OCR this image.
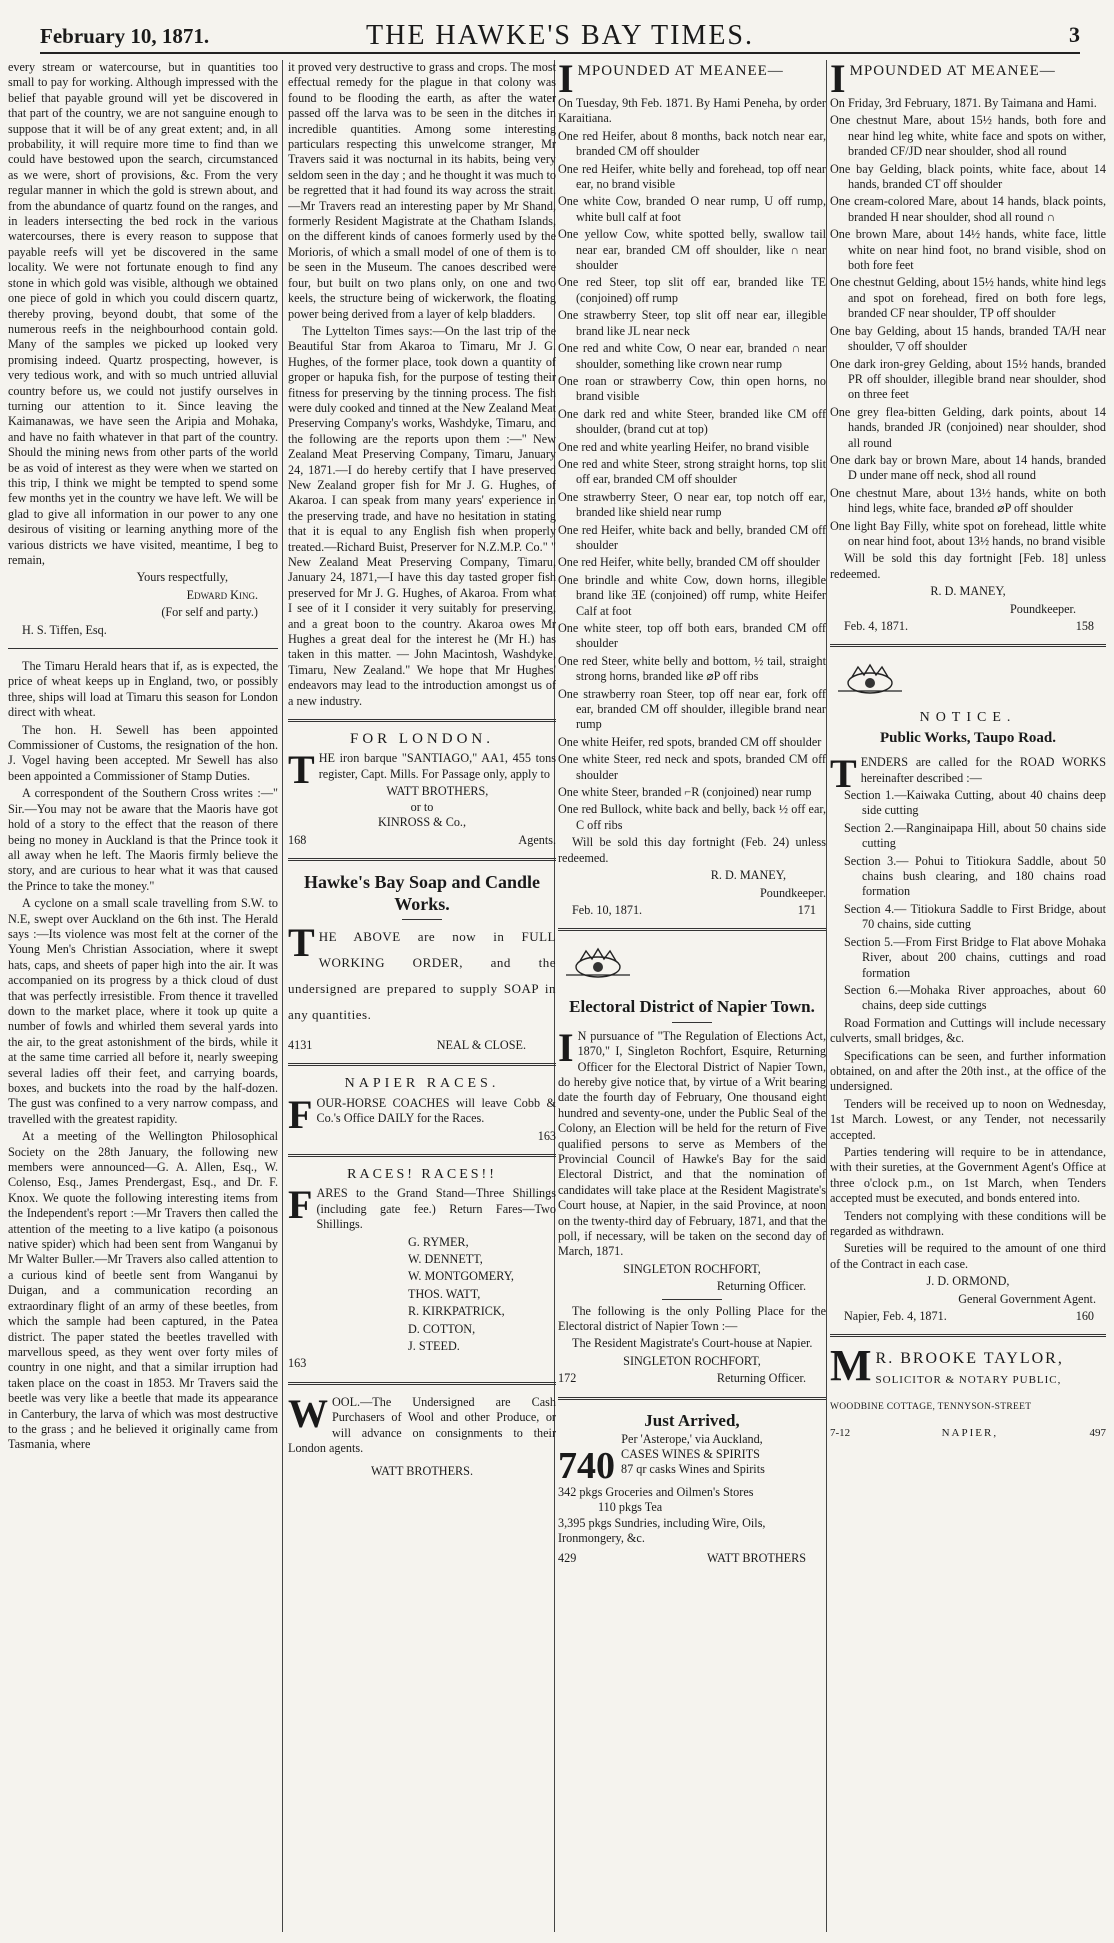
February 10, 1871.	THE HAWKE'S BAY TIMES.	3

every stream or watercourse, but in quantities too small to pay for working. Although impressed with the belief that payable ground will yet be discovered in that part of the country, we are not sanguine enough to suppose that it will be of any great extent; and, in all probability, it will require more time to find than we could have bestowed upon the search, circumstanced as we were, short of provisions, &c. From the very regular manner in which the gold is strewn about, and from the abundance of quartz found on the ranges, and in leaders intersecting the bed rock in the various watercourses, there is every reason to suppose that payable reefs will yet be discovered in the same locality. We were not fortunate enough to find any stone in which gold was visible, although we obtained one piece of gold in which you could discern quartz, thereby proving, beyond doubt, that some of the numerous reefs in the neighbourhood contain gold. Many of the samples we picked up looked very promising indeed. Quartz prospecting, however, is very tedious work, and with so much untried alluvial country before us, we could not justify ourselves in turning our attention to it. Since leaving the Kaimanawas, we have seen the Aripia and Mohaka, and have no faith whatever in that part of the country. Should the mining news from other parts of the world be as void of interest as they were when we started on this trip, I think we might be tempted to spend some few months yet in the country we have left. We will be glad to give all information in our power to any one desirous of visiting or learning anything more of the various districts we have visited, meantime, I beg to remain,

Yours respectfully,
Edward King.
(For self and party.)
H. S. Tiffen, Esq.

The Timaru Herald hears that if, as is expected, the price of wheat keeps up in England, two, or possibly three, ships will load at Timaru this season for London direct with wheat.

The hon. H. Sewell has been appointed Commissioner of Customs, the resignation of the hon. J. Vogel having been accepted. Mr Sewell has also been appointed a Commissioner of Stamp Duties.

A correspondent of the Southern Cross writes :—" Sir.—You may not be aware that the Maoris have got hold of a story to the effect that the reason of there being no money in Auckland is that the Prince took it all away when he left. The Maoris firmly believe the story, and are curious to hear what it was that caused the Prince to take the money."

A cyclone on a small scale travelling from S.W. to N.E, swept over Auckland on the 6th inst. The Herald says :—Its violence was most felt at the corner of the Young Men's Christian Association, where it swept hats, caps, and sheets of paper high into the air. It was accompanied on its progress by a thick cloud of dust that was perfectly irresistible. From thence it travelled down to the market place, where it took up quite a number of fowls and whirled them several yards into the air, to the great astonishment of the birds, while it at the same time carried all before it, nearly sweeping several ladies off their feet, and carrying boards, boxes, and buckets into the road by the half-dozen. The gust was confined to a very narrow compass, and travelled with the greatest rapidity.

At a meeting of the Wellington Philosophical Society on the 28th January, the following new members were announced—G. A. Allen, Esq., W. Colenso, Esq., James Prendergast, Esq., and Dr. F. Knox. We quote the following interesting items from the Independent's report :—Mr Travers then called the attention of the meeting to a live katipo (a poisonous native spider) which had been sent from Wanganui by Mr Walter Buller.—Mr Travers also called attention to a curious kind of beetle sent from Wanganui by Duigan, and a communication recording an extraordinary flight of an army of these beetles, from which the sample had been captured, in the Patea district. The paper stated the beetles travelled with marvellous speed, as they went over forty miles of country in one night, and that a similar irruption had taken place on the coast in 1853. Mr Travers said the beetle was very like a beetle that made its appearance in Canterbury, the larva of which was most destructive to the grass ; and he believed it originally came from Tasmania, where

it proved very destructive to grass and crops. The most effectual remedy for the plague in that colony was found to be flooding the earth, as after the water passed off the larva was to be seen in the ditches in incredible quantities. Among some interesting particulars respecting this unwelcome stranger, Mr Travers said it was nocturnal in its habits, being very seldom seen in the day ; and he thought it was much to be regretted that it had found its way across the strait.—Mr Travers read an interesting paper by Mr Shand, formerly Resident Magistrate at the Chatham Islands, on the different kinds of canoes formerly used by the Morioris, of which a small model of one of them is to be seen in the Museum. The canoes described were four, but built on two plans only, on one and two keels, the structure being of wickerwork, the floating power being derived from a layer of kelp bladders.

The Lyttelton Times says:—On the last trip of the Beautiful Star from Akaroa to Timaru, Mr J. G. Hughes, of the former place, took down a quantity of groper or hapuka fish, for the purpose of testing their fitness for preserving by the tinning process. The fish were duly cooked and tinned at the New Zealand Meat Preserving Company's works, Washdyke, Timaru, and the following are the reports upon them :—" New Zealand Meat Preserving Company, Timaru, January 24, 1871.—I do hereby certify that I have preserved New Zealand groper fish for Mr J. G. Hughes, of Akaroa. I can speak from many years' experience in the preserving trade, and have no hesitation in stating that it is equal to any English fish when properly treated.—Richard Buist, Preserver for N.Z.M.P. Co." " New Zealand Meat Preserving Company, Timaru, January 24, 1871,—I have this day tasted groper fish preserved for Mr J. G. Hughes, of Akaroa. From what I see of it I consider it very suitably for preserving, and a great boon to the country. Akaroa owes Mr Hughes a great deal for the interest he (Mr H.) has taken in this matter. — John Macintosh, Washdyke, Timaru, New Zealand." We hope that Mr Hughes' endeavors may lead to the introduction amongst us of a new industry.

FOR LONDON.
T HE iron barque "SANTIAGO," AA1, 455 tons register, Capt. Mills. For Passage only, apply to

WATT BROTHERS,
or to
KINROSS & Co.,
168	Agents.
Hawke's Bay Soap and Candle Works.
T HE ABOVE are now in FULL WORKING ORDER, and the undersigned are prepared to supply SOAP in any quantities.

4131	NEAL & CLOSE.
NAPIER RACES.
F OUR-HORSE COACHES will leave Cobb & Co.'s Office DAILY for the Races.

163
RACES! RACES!!
F ARES to the Grand Stand—Three Shillings (including gate fee.) Return Fares—Two Shillings.

G. RYMER,
W. DENNETT,
W. MONTGOMERY,
THOS. WATT,
R. KIRKPATRICK,
D. COTTON,
J. STEED.
163
W OOL.—The Undersigned are Cash Purchasers of Wool and other Produce, or will advance on consignments to their London agents.

WATT BROTHERS.
I MPOUNDED AT MEANEE—

On Tuesday, 9th Feb. 1871. By Hami Peneha, by order Karaitiana.

One red Heifer, about 8 months, back notch near ear, branded CM off shoulder
One red Heifer, white belly and forehead, top off near ear, no brand visible
One white Cow, branded O near rump, U off rump, white bull calf at foot
One yellow Cow, white spotted belly, swallow tail near ear, branded CM off shoulder, like ∩ near shoulder
One red Steer, top slit off ear, branded like TE (conjoined) off rump
One strawberry Steer, top slit off near ear, illegible brand like JL near neck
One red and white Cow, O near ear, branded ∩ near shoulder, something like crown near rump
One roan or strawberry Cow, thin open horns, no brand visible
One dark red and white Steer, branded like CM off shoulder, (brand cut at top)
One red and white yearling Heifer, no brand visible
One red and white Steer, strong straight horns, top slit off ear, branded CM off shoulder
One strawberry Steer, O near ear, top notch off ear, branded like shield near rump
One red Heifer, white back and belly, branded CM off shoulder
One red Heifer, white belly, branded CM off shoulder
One brindle and white Cow, down horns, illegible brand like ƎE (conjoined) off rump, white Heifer Calf at foot
One white steer, top off both ears, branded CM off shoulder
One red Steer, white belly and bottom, ½ tail, straight strong horns, branded like ⌀P off ribs
One strawberry roan Steer, top off near ear, fork off ear, branded CM off shoulder, illegible brand near rump
One white Heifer, red spots, branded CM off shoulder
One white Steer, red neck and spots, branded CM off shoulder
One white Steer, branded ⌐R (conjoined) near rump
One red Bullock, white back and belly, back ½ off ear, C off ribs

Will be sold this day fortnight (Feb. 24) unless redeemed.

R. D. MANEY,
Poundkeeper.
Feb. 10, 1871.	171
Electoral District of Napier Town.
I N pursuance of "The Regulation of Elections Act, 1870," I, Singleton Rochfort, Esquire, Returning Officer for the Electoral District of Napier Town, do hereby give notice that, by virtue of a Writ bearing date the fourth day of February, One thousand eight hundred and seventy-one, under the Public Seal of the Colony, an Election will be held for the return of Five qualified persons to serve as Members of the Provincial Council of Hawke's Bay for the said Electoral District, and that the nomination of candidates will take place at the Resident Magistrate's Court house, at Napier, in the said Province, at noon on the twenty-third day of February, 1871, and that the poll, if necessary, will be taken on the second day of March, 1871.

SINGLETON ROCHFORT,
Returning Officer.

The following is the only Polling Place for the Electoral district of Napier Town :—

The Resident Magistrate's Court-house at Napier.

SINGLETON ROCHFORT,
172	Returning Officer.
Just Arrived,
Per 'Asterope,' via Auckland,
740 CASES WINES & SPIRITS
87 qr casks Wines and Spirits
342 pkgs Groceries and Oilmen's Stores
110 pkgs Tea
3,395 pkgs Sundries, including Wire, Oils, Ironmongery, &c.
429	WATT BROTHERS
I MPOUNDED AT MEANEE—

On Friday, 3rd February, 1871. By Taimana and Hami.

One chestnut Mare, about 15½ hands, both fore and near hind leg white, white face and spots on wither, branded CF/JD near shoulder, shod all round
One bay Gelding, black points, white face, about 14 hands, branded CT off shoulder
One cream-colored Mare, about 14 hands, black points, branded H near shoulder, shod all round ∩
One brown Mare, about 14½ hands, white face, little white on near hind foot, no brand visible, shod on both fore feet
One chestnut Gelding, about 15½ hands, white hind legs and spot on forehead, fired on both fore legs, branded CF near shoulder, TP off shoulder
One bay Gelding, about 15 hands, branded TA/H near shoulder, ▽ off shoulder
One dark iron-grey Gelding, about 15½ hands, branded PR off shoulder, illegible brand near shoulder, shod on three feet
One grey flea-bitten Gelding, dark points, about 14 hands, branded JR (conjoined) near shoulder, shod all round
One dark bay or brown Mare, about 14 hands, branded D under mane off neck, shod all round
One chestnut Mare, about 13½ hands, white on both hind legs, white face, branded ⌀P off shoulder
One light Bay Filly, white spot on forehead, little white on near hind foot, about 13½ hands, no brand visible

Will be sold this day fortnight [Feb. 18] unless redeemed.

R. D. MANEY,
Poundkeeper.
Feb. 4, 1871.	158
NOTICE.
Public Works, Taupo Road.
T ENDERS are called for the ROAD WORKS hereinafter described :—

Section 1.—Kaiwaka Cutting, about 40 chains deep side cutting
Section 2.—Ranginaipapa Hill, about 50 chains side cutting
Section 3.— Pohui to Titiokura Saddle, about 50 chains bush clearing, and 180 chains road formation
Section 4.— Titiokura Saddle to First Bridge, about 70 chains, side cutting
Section 5.—From First Bridge to Flat above Mohaka River, about 200 chains, cuttings and road formation
Section 6.—Mohaka River approaches, about 60 chains, deep side cuttings

Road Formation and Cuttings will include necessary culverts, small bridges, &c.

Specifications can be seen, and further information obtained, on and after the 20th inst., at the office of the undersigned.

Tenders will be received up to noon on Wednesday, 1st March. Lowest, or any Tender, not necessarily accepted.

Parties tendering will require to be in attendance, with their sureties, at the Government Agent's Office at three o'clock p.m., on 1st March, when Tenders accepted must be executed, and bonds entered into.

Tenders not complying with these conditions will be regarded as withdrawn.

Sureties will be required to the amount of one third of the Contract in each case.

J. D. ORMOND,
General Government Agent.
Napier, Feb. 4, 1871.	160
M R. BROOKE TAYLOR,
SOLICITOR & NOTARY PUBLIC,
WOODBINE COTTAGE, TENNYSON-STREET
7-12	NAPIER,	497
